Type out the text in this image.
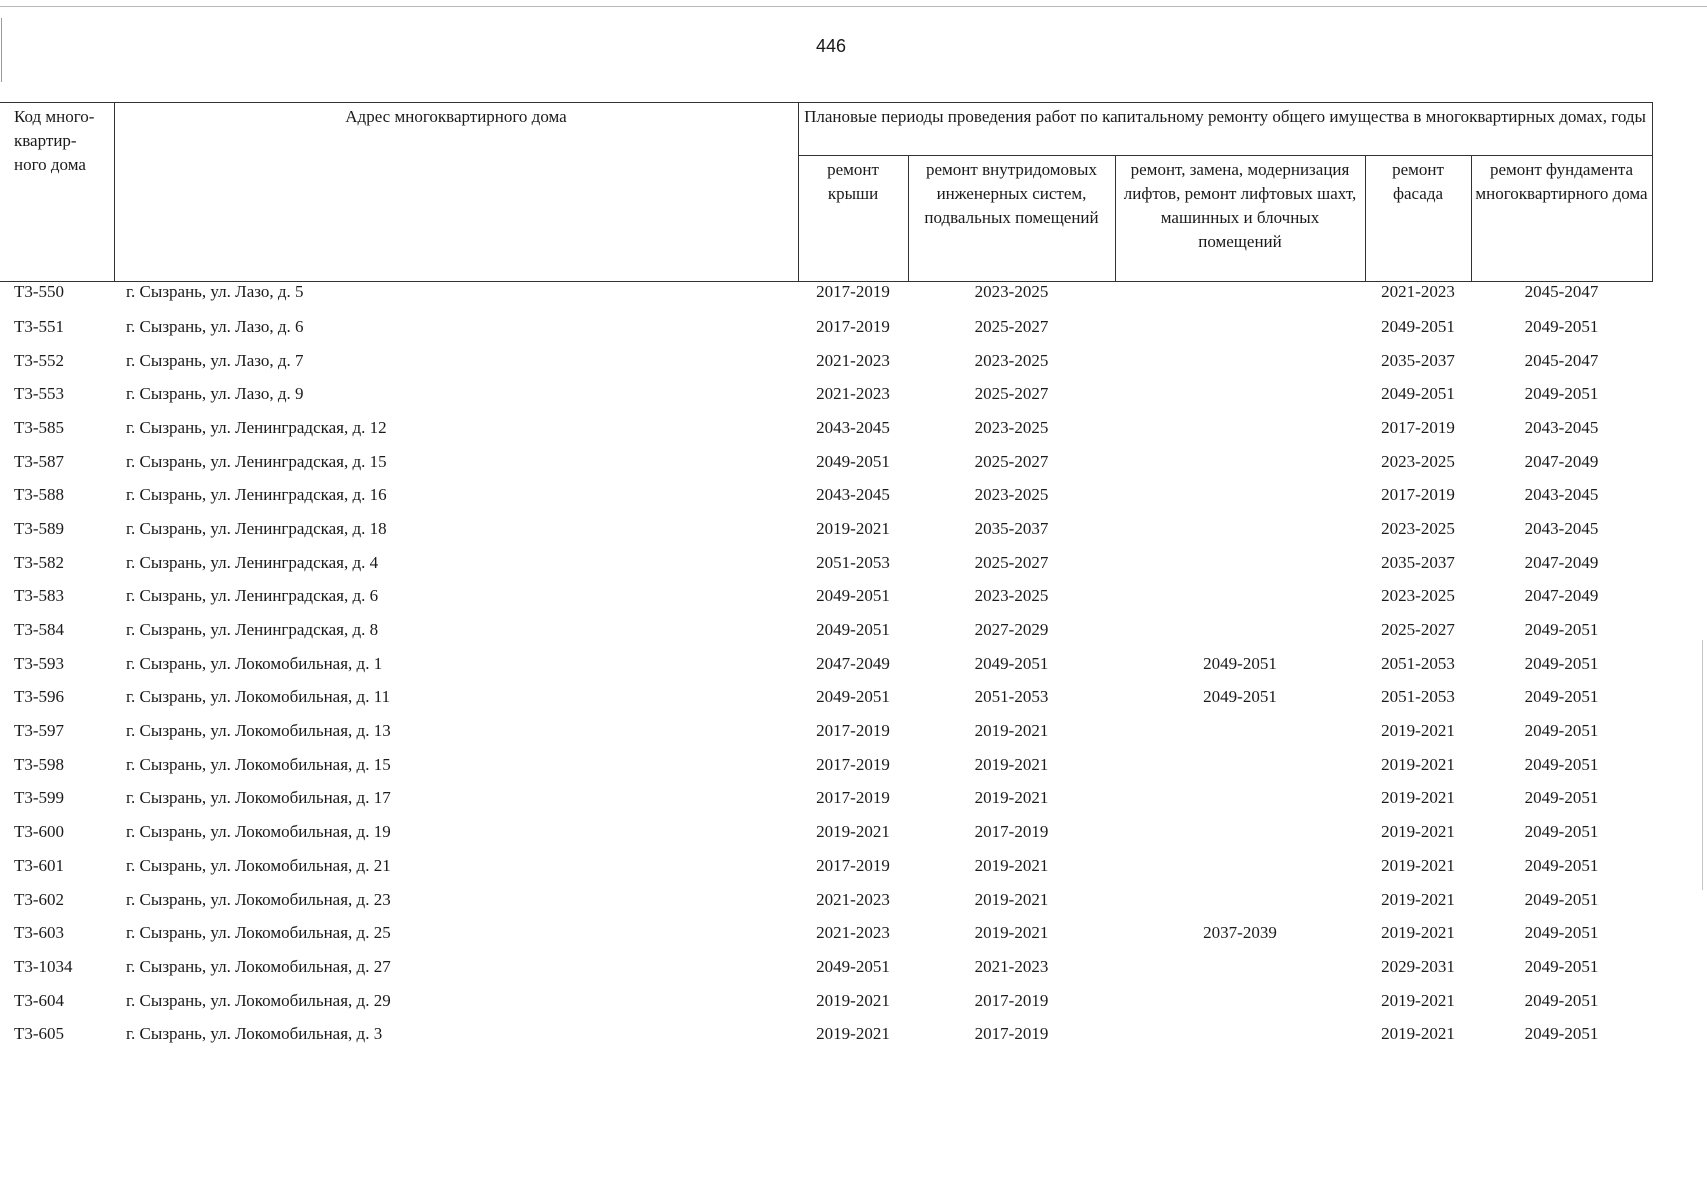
446
Код много- квартир- ного дома	Адрес многоквартирного дома	Плановые периоды проведения работ по капитальному ремонту общего имущества в многоквартирных домах, годы				
		ремонт крыши	ремонт внутридомовых инженерных систем, подвальных помещений	ремонт, замена, модернизация лифтов, ремонт лифтовых шахт, машинных и блочных помещений	ремонт фасада	ремонт фундамента многоквартирного дома
Т3-550	г. Сызрань, ул. Лазо, д. 5	2017-2019	2023-2025		2021-2023	2045-2047
Т3-551	г. Сызрань, ул. Лазо, д. 6	2017-2019	2025-2027		2049-2051	2049-2051
Т3-552	г. Сызрань, ул. Лазо, д. 7	2021-2023	2023-2025		2035-2037	2045-2047
Т3-553	г. Сызрань, ул. Лазо, д. 9	2021-2023	2025-2027		2049-2051	2049-2051
Т3-585	г. Сызрань, ул. Ленинградская, д. 12	2043-2045	2023-2025		2017-2019	2043-2045
Т3-587	г. Сызрань, ул. Ленинградская, д. 15	2049-2051	2025-2027		2023-2025	2047-2049
Т3-588	г. Сызрань, ул. Ленинградская, д. 16	2043-2045	2023-2025		2017-2019	2043-2045
Т3-589	г. Сызрань, ул. Ленинградская, д. 18	2019-2021	2035-2037		2023-2025	2043-2045
Т3-582	г. Сызрань, ул. Ленинградская, д. 4	2051-2053	2025-2027		2035-2037	2047-2049
Т3-583	г. Сызрань, ул. Ленинградская, д. 6	2049-2051	2023-2025		2023-2025	2047-2049
Т3-584	г. Сызрань, ул. Ленинградская, д. 8	2049-2051	2027-2029		2025-2027	2049-2051
Т3-593	г. Сызрань, ул. Локомобильная, д. 1	2047-2049	2049-2051	2049-2051	2051-2053	2049-2051
Т3-596	г. Сызрань, ул. Локомобильная, д. 11	2049-2051	2051-2053	2049-2051	2051-2053	2049-2051
Т3-597	г. Сызрань, ул. Локомобильная, д. 13	2017-2019	2019-2021		2019-2021	2049-2051
Т3-598	г. Сызрань, ул. Локомобильная, д. 15	2017-2019	2019-2021		2019-2021	2049-2051
Т3-599	г. Сызрань, ул. Локомобильная, д. 17	2017-2019	2019-2021		2019-2021	2049-2051
Т3-600	г. Сызрань, ул. Локомобильная, д. 19	2019-2021	2017-2019		2019-2021	2049-2051
Т3-601	г. Сызрань, ул. Локомобильная, д. 21	2017-2019	2019-2021		2019-2021	2049-2051
Т3-602	г. Сызрань, ул. Локомобильная, д. 23	2021-2023	2019-2021		2019-2021	2049-2051
Т3-603	г. Сызрань, ул. Локомобильная, д. 25	2021-2023	2019-2021	2037-2039	2019-2021	2049-2051
Т3-1034	г. Сызрань, ул. Локомобильная, д. 27	2049-2051	2021-2023		2029-2031	2049-2051
Т3-604	г. Сызрань, ул. Локомобильная, д. 29	2019-2021	2017-2019		2019-2021	2049-2051
Т3-605	г. Сызрань, ул. Локомобильная, д. 3	2019-2021	2017-2019		2019-2021	2049-2051
